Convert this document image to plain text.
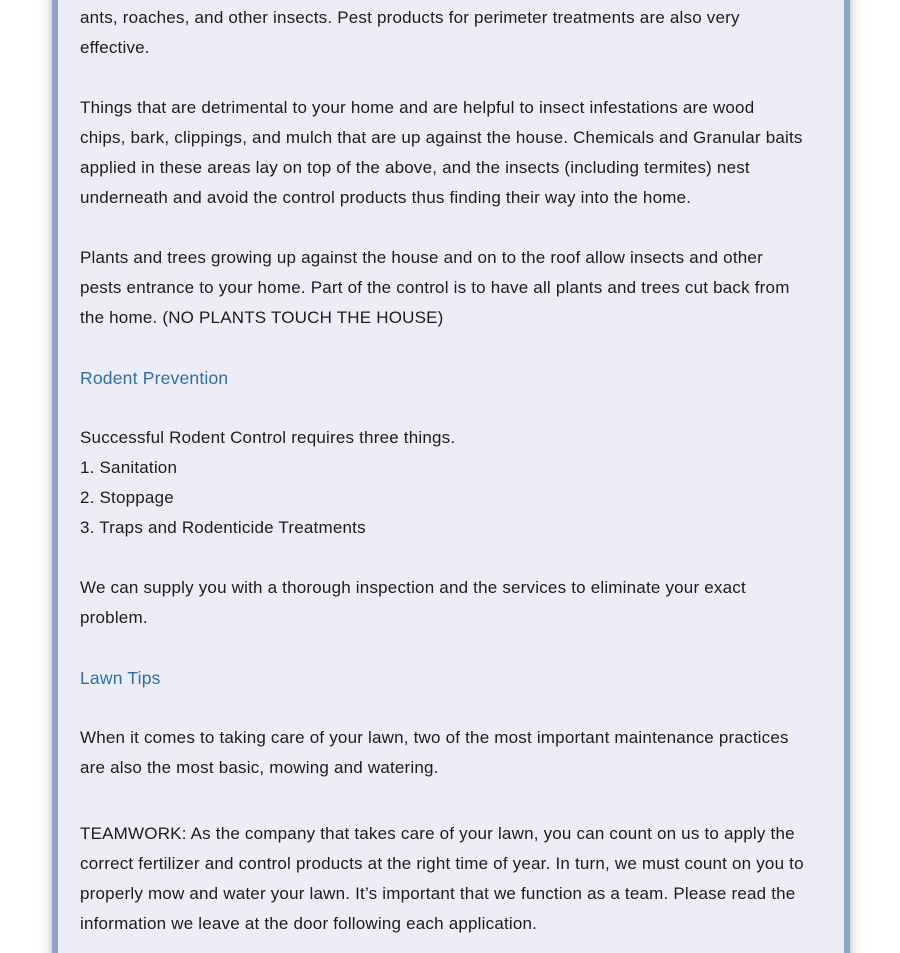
ants, roaches, and other insects. Pest products for perimeter treatments are also very effective.

Things that are detrimental to your home and are helpful to insect infestations are wood chips, bark, clippings, and mulch that are up against the house. Chemicals and Granular baits applied in these areas lay on top of the above, and the insects (including termites) nest underneath and avoid the control products thus finding their way into the home.

Plants and trees growing up against the house and on to the roof allow insects and other pests entrance to your home. Part of the control is to have all plants and trees cut back from the home. (NO PLANTS TOUCH THE HOUSE)

Rodent Prevention

Successful Rodent Control requires three things.

1. Sanitation
2. Stoppage
3. Traps and Rodenticide Treatments

We can supply you with a thorough inspection and the services to eliminate your exact problem.

Lawn Tips

When it comes to taking care of your lawn, two of the most important maintenance practices are also the most basic, mowing and watering.

TEAMWORK: As the company that takes care of your lawn, you can count on us to apply the correct fertilizer and control products at the right time of year. In turn, we must count on you to properly mow and water your lawn. It’s important that we function as a team. Please read the information we leave at the door following each application.
